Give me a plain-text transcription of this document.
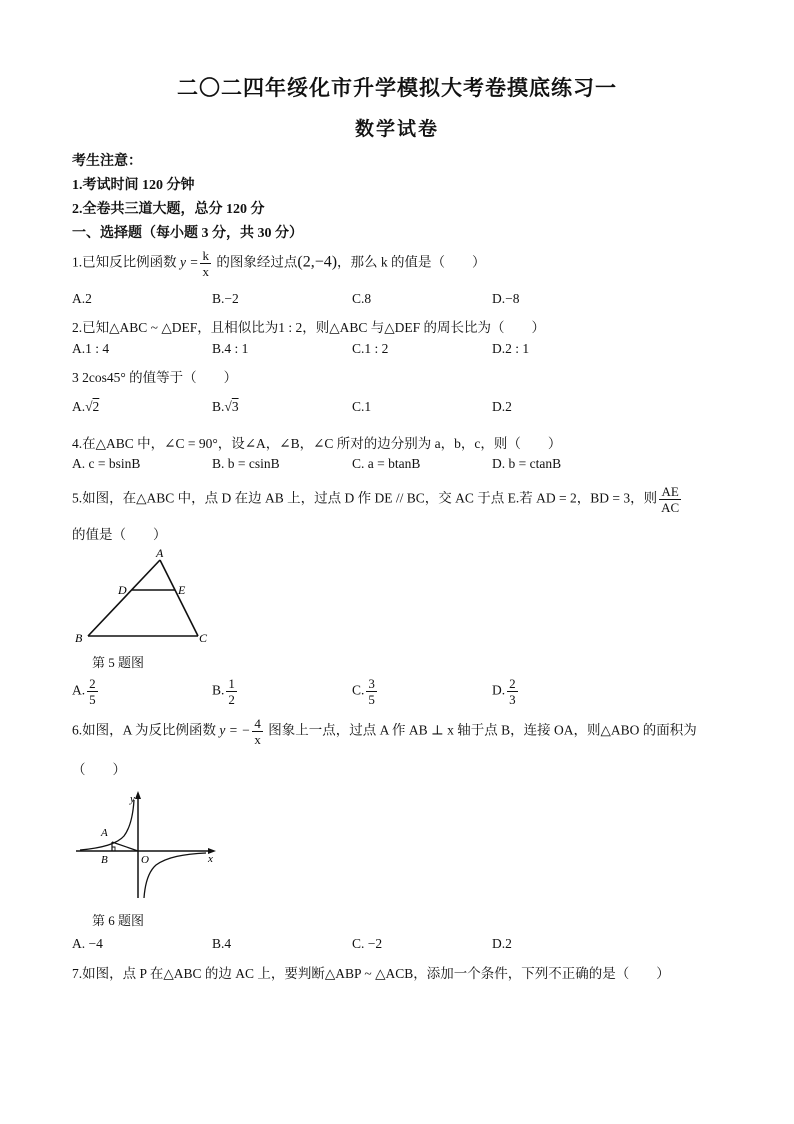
二〇二四年绥化市升学模拟大考卷摸底练习一
数学试卷
考生注意：
1.考试时间 120 分钟
2.全卷共三道大题，总分 120 分
一、选择题（每小题 3 分，共 30 分）
1.已知反比例函数 $y = \frac{k}{x}$ 的图象经过点(2,−4)，那么 k 的值是（　　）
A.2	B.−2	C.8	D.−8
2.已知△ABC ~ △DEF，且相似比为1 : 2，则△ABC 与△DEF 的周长比为（　　）
A.1 : 4	B.4 : 1	C.1 : 2	D.2 : 1
3 2cos45° 的值等于（　　）
A.√2	B.√3	C.1	D.2
4.在△ABC 中，∠C = 90°，设∠A，∠B，∠C 所对的边分别为 a，b，c，则（　　）
A. c = bsinB	B. b = csinB	C. a = btanB	D. b = ctanB
5.如图，在△ABC 中，点 D 在边 AB 上，过点 D 作 DE // BC，交 AC 于点 E.若 AD = 2，BD = 3，则 $\frac{AE}{AC}$
的值是（　　）
A
D	E
B	C
第 5 题图
A. $\frac{2}{5}$	B. $\frac{1}{2}$	C. $\frac{3}{5}$	D. $\frac{2}{3}$
6.如图，A 为反比例函数 y = − $\frac{4}{x}$ 图象上一点，过点 A 作 AB ⊥ x 轴于点 B，连接 OA，则△ABO 的面积为
（　　）
y
x
A
B	O
第 6 题图
A. −4	B.4	C. −2	D.2
7.如图，点 P 在△ABC 的边 AC 上，要判断△ABP ~ △ACB，添加一个条件，下列不正确的是（　　）
